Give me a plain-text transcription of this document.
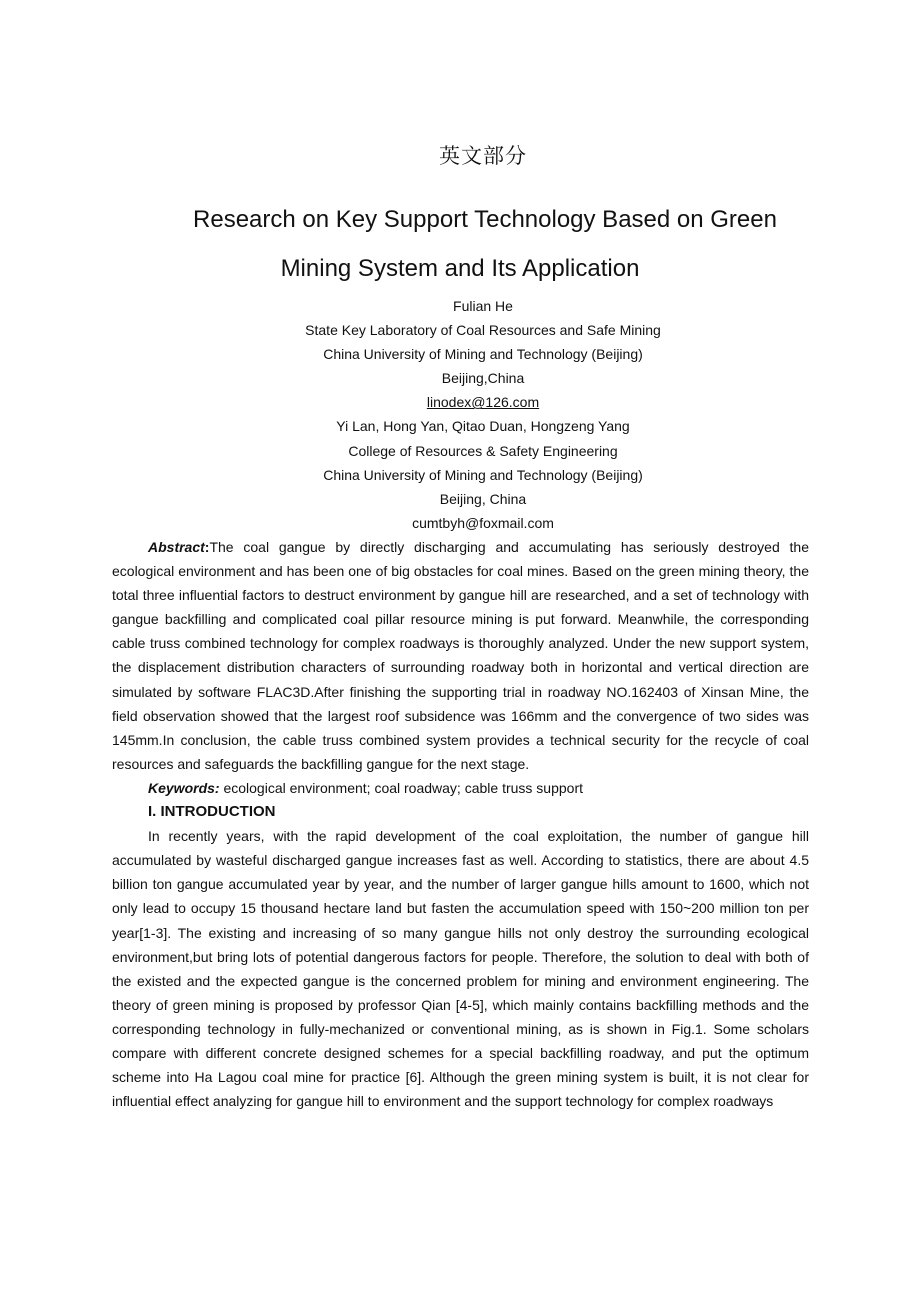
英文部分
Research on Key Support Technology Based on Green
Mining System and Its Application
Fulian He
State Key Laboratory of Coal Resources and Safe Mining
China University of Mining and Technology (Beijing)
Beijing,China
linodex@126.com
Yi Lan, Hong Yan, Qitao Duan, Hongzeng Yang
College of Resources & Safety Engineering
China University of Mining and Technology (Beijing)
Beijing, China
cumtbyh@foxmail.com

Abstract:The coal gangue by directly discharging and accumulating has seriously destroyed the ecological environment and has been one of big obstacles for coal mines. Based on the green mining theory, the total three influential factors to destruct environment by gangue hill are researched, and a set of technology with gangue backfilling and complicated coal pillar resource mining is put forward. Meanwhile, the corresponding cable truss combined technology for complex roadways is thoroughly analyzed. Under the new support system, the displacement distribution characters of surrounding roadway both in horizontal and vertical direction are simulated by software FLAC3D.After finishing the supporting trial in roadway NO.162403 of Xinsan Mine, the field observation showed that the largest roof subsidence was 166mm and the convergence of two sides was 145mm.In conclusion, the cable truss combined system provides a technical security for the recycle of coal resources and safeguards the backfilling gangue for the next stage.

Keywords: ecological environment; coal roadway; cable truss support

I. INTRODUCTION

In recently years, with the rapid development of the coal exploitation, the number of gangue hill accumulated by wasteful discharged gangue increases fast as well. According to statistics, there are about 4.5 billion ton gangue accumulated year by year, and the number of larger gangue hills amount to 1600, which not only lead to occupy 15 thousand hectare land but fasten the accumulation speed with 150~200 million ton per year[1-3]. The existing and increasing of so many gangue hills not only destroy the surrounding ecological environment,but bring lots of potential dangerous factors for people. Therefore, the solution to deal with both of the existed and the expected gangue is the concerned problem for mining and environment engineering. The theory of green mining is proposed by professor Qian [4-5], which mainly contains backfilling methods and the corresponding technology in fully-mechanized or conventional mining, as is shown in Fig.1. Some scholars compare with different concrete designed schemes for a special backfilling roadway, and put the optimum scheme into Ha Lagou coal mine for practice [6]. Although the green mining system is built, it is not clear for influential effect analyzing for gangue hill to environment and the support technology for complex roadways
